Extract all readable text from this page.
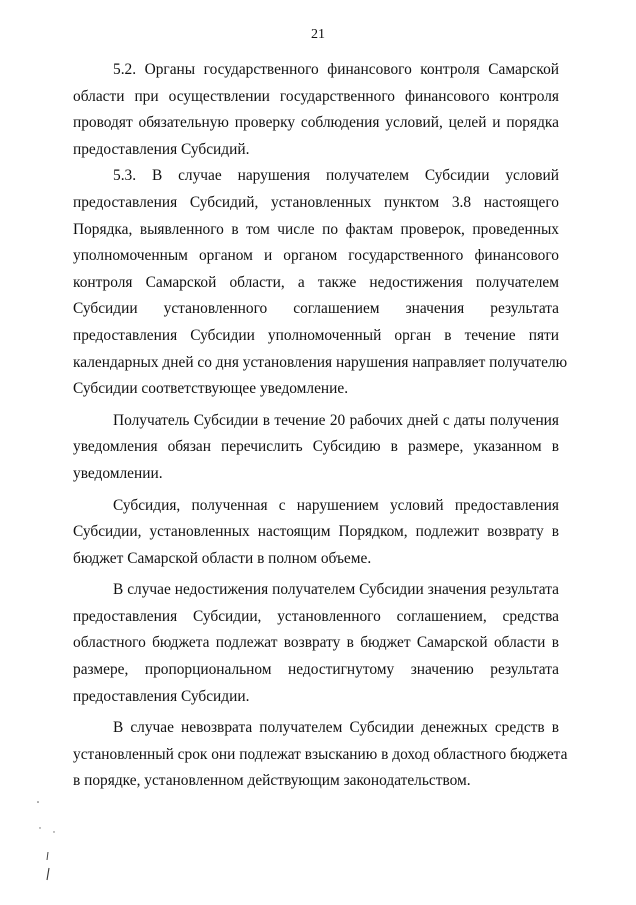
21
5.2. Органы государственного финансового контроля Самарской
области при осуществлении государственного финансового контроля
проводят обязательную проверку соблюдения условий, целей и порядка
предоставления Субсидий.
5.3. В случае нарушения получателем Субсидии условий
предоставления Субсидий, установленных пунктом 3.8 настоящего
Порядка, выявленного в том числе по фактам проверок, проведенных
уполномоченным органом и органом государственного финансового
контроля Самарской области, а также недостижения получателем
Субсидии установленного соглашением значения результата
предоставления Субсидии уполномоченный орган в течение пяти
календарных дней со дня установления нарушения направляет получателю
Субсидии соответствующее уведомление.
Получатель Субсидии в течение 20 рабочих дней с даты получения
уведомления обязан перечислить Субсидию в размере, указанном в
уведомлении.
Субсидия, полученная с нарушением условий предоставления
Субсидии, установленных настоящим Порядком, подлежит возврату в
бюджет Самарской области в полном объеме.
В случае недостижения получателем Субсидии значения результата
предоставления Субсидии, установленного соглашением, средства
областного бюджета подлежат возврату в бюджет Самарской области в
размере, пропорциональном недостигнутому значению результата
предоставления Субсидии.
В случае невозврата получателем Субсидии денежных средств в
установленный срок они подлежат взысканию в доход областного бюджета
в порядке, установленном действующим законодательством.
